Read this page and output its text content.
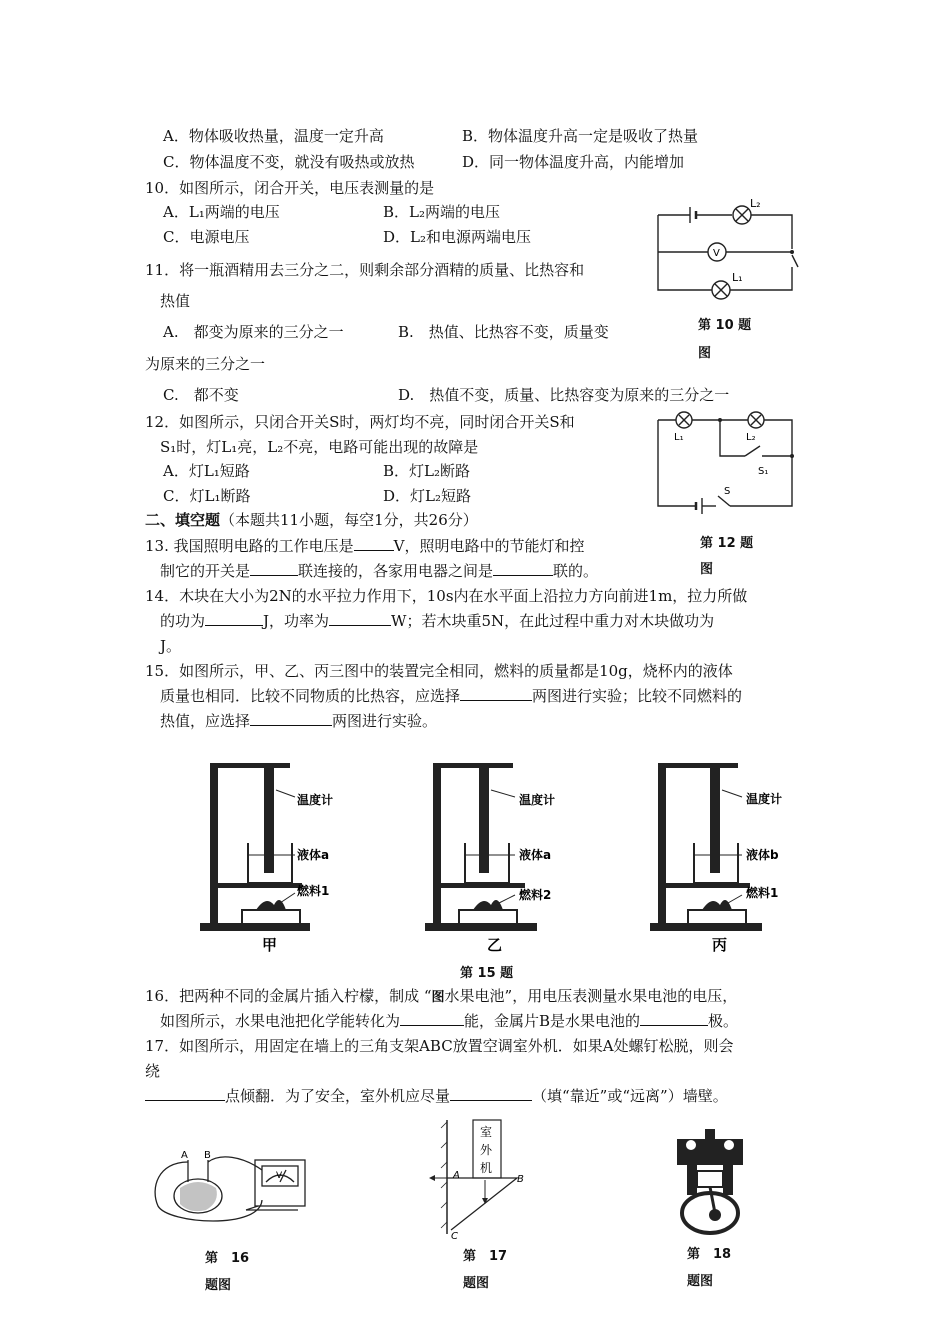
A．物体吸收热量，温度一定升高	B．物体温度升高一定是吸收了热量
C．物体温度不变，就没有吸热或放热	D．同一物体温度升高，内能增加
10．如图所示，闭合开关，电压表测量的是
A．L₁两端的电压	B．L₂两端的电压
C．电源电压	D．L₂和电源两端电压
L₂
L₁
V
第 10 题
图
11．将一瓶酒精用去三分之二，则剩余部分酒精的质量、比热容和
热值
A.　都变为原来的三分之一	B.　热值、比热容不变，质量变
为原来的三分之一
C.　都不变	D.　热值不变，质量、比热容变为原来的三分之一
12．如图所示，只闭合开关S时，两灯均不亮，同时闭合开关S和
S₁时，灯L₁亮，L₂不亮，电路可能出现的故障是
A．灯L₁短路	B．灯L₂断路
C．灯L₁断路	D．灯L₂短路
L₁	L₂
S₁
S
第 12 题
图
二、填空题（本题共11小题，每空1分，共26分）
13. 我国照明电路的工作电压是	V，照明电路中的节能灯和控
制它的开关是	联连接的，各家用电器之间是	联的。
14．木块在大小为2N的水平拉力作用下，10s内在水平面上沿拉力方向前进1m，拉力所做
的功为	J，功率为	W；若木块重5N，在此过程中重力对木块做功为
J。
15．如图所示，甲、乙、丙三图中的装置完全相同，燃料的质量都是10g，烧杯内的液体
质量也相同．比较不同物质的比热容，应选择	两图进行实验；比较不同燃料的
热值，应选择	两图进行实验。
温度计
液体a
燃料1
甲
温度计
液体a
燃料2
乙
温度计
液体b
燃料1
丙
第 15 题
16．把两种不同的金属片插入柠檬，制成 “图水果电池”，用电压表测量水果电池的电压，
如图所示，水果电池把化学能转化为	能，金属片B是水果电池的	极。
17．如图所示，用固定在墙上的三角支架ABC放置空调室外机．如果A处螺钉松脱，则会
绕
点倾翻．为了安全，室外机应尽量	（填“靠近”或“远离”）墙壁。
A B
V
第　16
题图
室
外
机
A	B
C
第　17
题图
第　18
题图
